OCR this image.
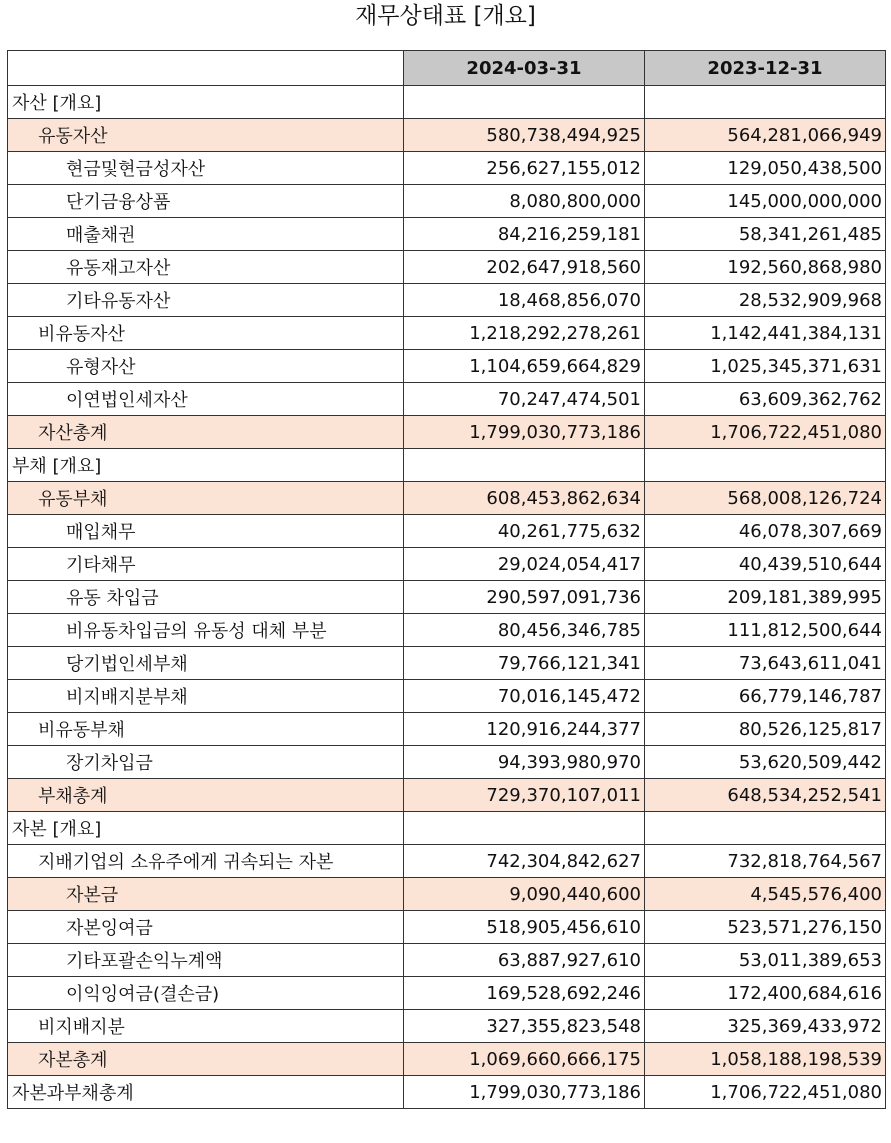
재무상태표 [개요]
	2024-03-31	2023-12-31
자산 [개요]		
유동자산	580,738,494,925	564,281,066,949
현금및현금성자산	256,627,155,012	129,050,438,500
단기금융상품	8,080,800,000	145,000,000,000
매출채권	84,216,259,181	58,341,261,485
유동재고자산	202,647,918,560	192,560,868,980
기타유동자산	18,468,856,070	28,532,909,968
비유동자산	1,218,292,278,261	1,142,441,384,131
유형자산	1,104,659,664,829	1,025,345,371,631
이연법인세자산	70,247,474,501	63,609,362,762
자산총계	1,799,030,773,186	1,706,722,451,080
부채 [개요]		
유동부채	608,453,862,634	568,008,126,724
매입채무	40,261,775,632	46,078,307,669
기타채무	29,024,054,417	40,439,510,644
유동 차입금	290,597,091,736	209,181,389,995
비유동차입금의 유동성 대체 부분	80,456,346,785	111,812,500,644
당기법인세부채	79,766,121,341	73,643,611,041
비지배지분부채	70,016,145,472	66,779,146,787
비유동부채	120,916,244,377	80,526,125,817
장기차입금	94,393,980,970	53,620,509,442
부채총계	729,370,107,011	648,534,252,541
자본 [개요]		
지배기업의 소유주에게 귀속되는 자본	742,304,842,627	732,818,764,567
자본금	9,090,440,600	4,545,576,400
자본잉여금	518,905,456,610	523,571,276,150
기타포괄손익누계액	63,887,927,610	53,011,389,653
이익잉여금(결손금)	169,528,692,246	172,400,684,616
비지배지분	327,355,823,548	325,369,433,972
자본총계	1,069,660,666,175	1,058,188,198,539
자본과부채총계	1,799,030,773,186	1,706,722,451,080
